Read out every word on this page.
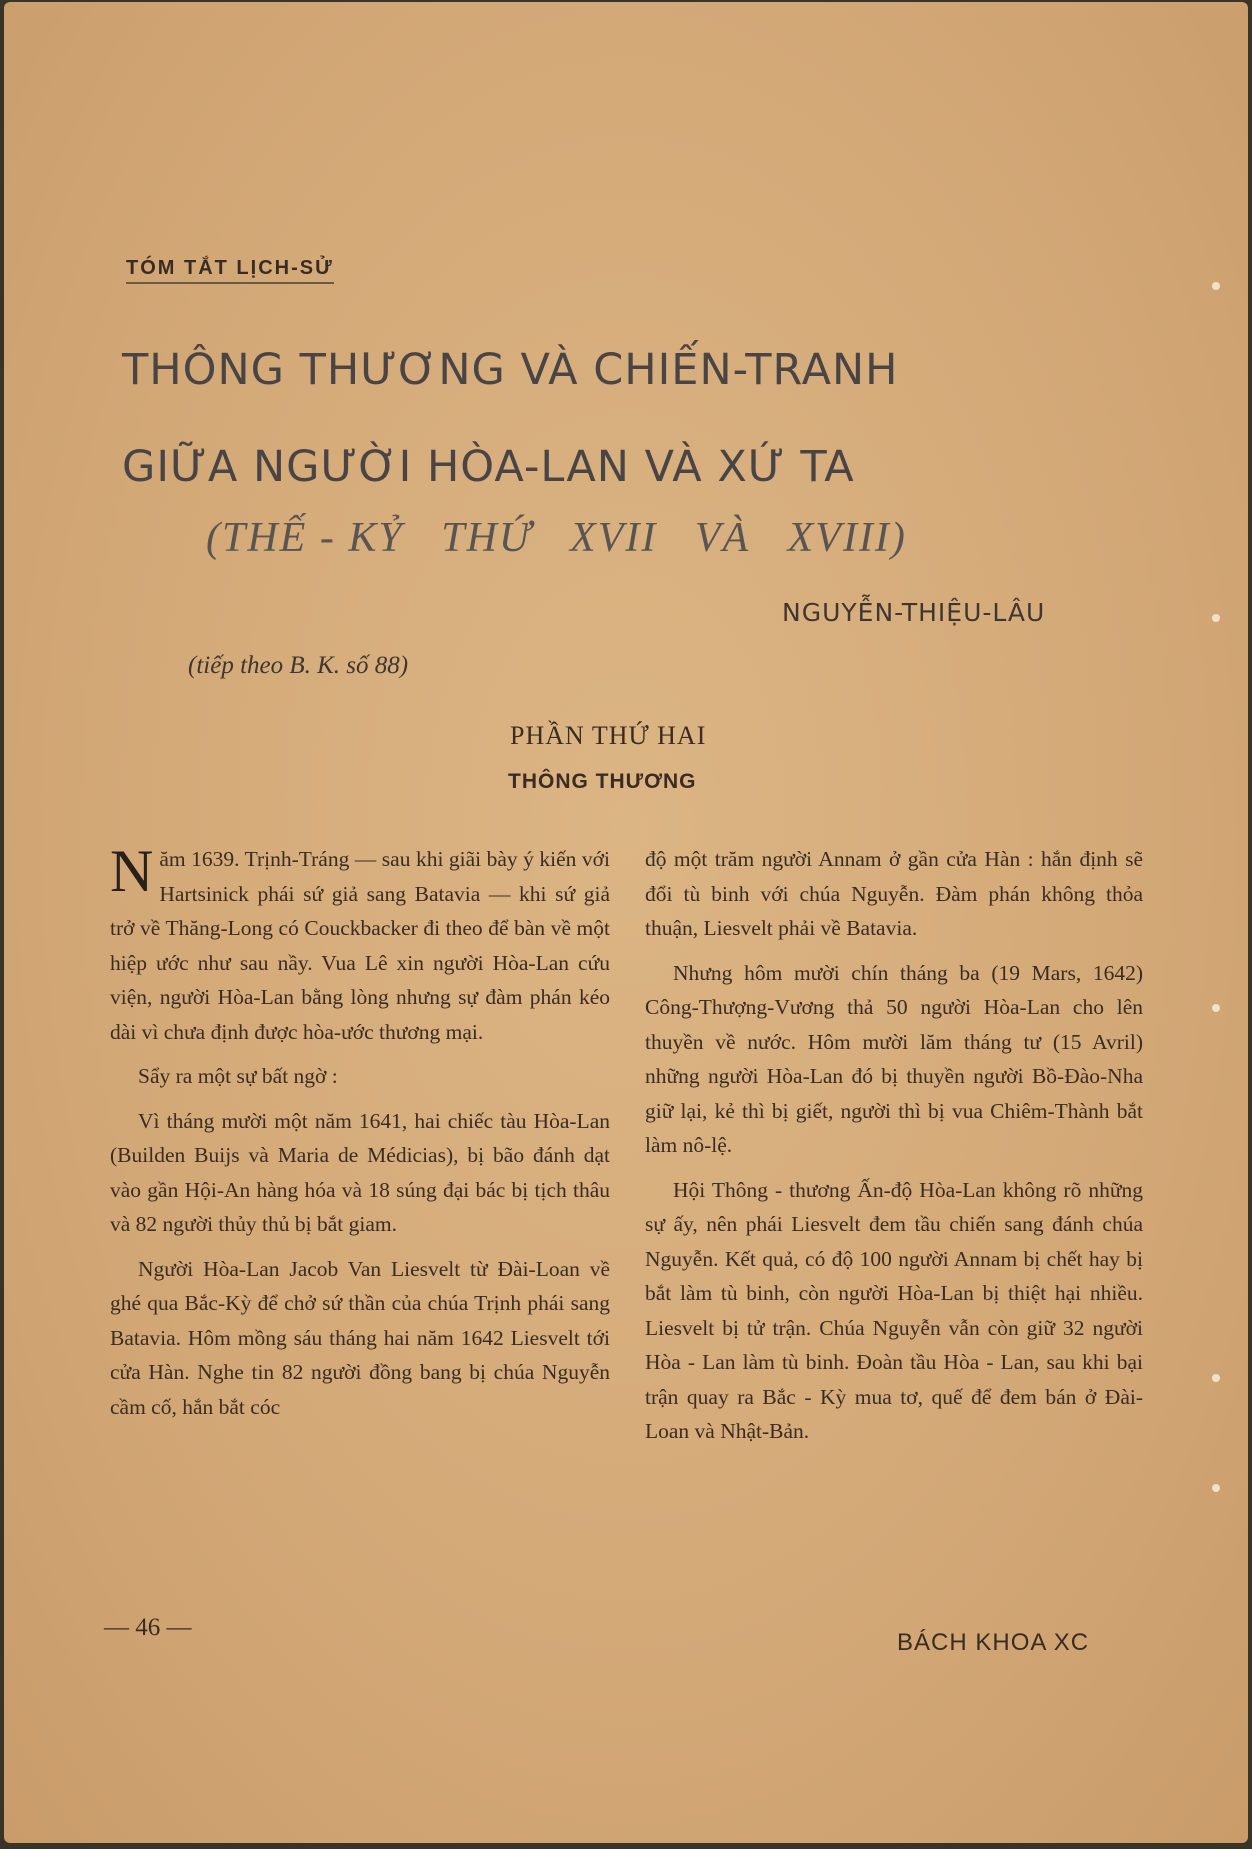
TÓM TẮT LỊCH-SỬ
THÔNG THƯƠNG VÀ CHIẾN-TRANH
GIỮA NGƯỜI HÒA-LAN VÀ XỨ TA
(THẾ - KỶ   THỨ   XVII   VÀ   XVIII)
NGUYỄN-THIỆU-LÂU
(tiếp theo B. K. số 88)
PHẦN THỨ HAI
THÔNG THƯƠNG

Năm 1639. Trịnh-Tráng — sau khi giãi bày ý kiến với Hartsinick phái sứ giả sang Batavia — khi sứ giả trở về Thăng-Long có Couckbacker đi theo để bàn về một hiệp ước như sau nầy. Vua Lê xin người Hòa-Lan cứu viện, người Hòa-Lan bằng lòng nhưng sự đàm phán kéo dài vì chưa định được hòa-ước thương mại.

Sẩy ra một sự bất ngờ :

Vì tháng mười một năm 1641, hai chiếc tàu Hòa-Lan (Builden Buijs và Maria de Médicias), bị bão đánh dạt vào gần Hội-An hàng hóa và 18 súng đại bác bị tịch thâu và 82 người thủy thủ bị bắt giam.

Người Hòa-Lan Jacob Van Liesvelt từ Đài-Loan về ghé qua Bắc-Kỳ để chở sứ thần của chúa Trịnh phái sang Batavia. Hôm mồng sáu tháng hai năm 1642 Liesvelt tới cửa Hàn. Nghe tin 82 người đồng bang bị chúa Nguyễn cầm cố, hắn bắt cóc

độ một trăm người Annam ở gần cửa Hàn : hắn định sẽ đổi tù binh với chúa Nguyễn. Đàm phán không thỏa thuận, Liesvelt phải về Batavia.

Nhưng hôm mười chín tháng ba (19 Mars, 1642) Công-Thượng-Vương thả 50 người Hòa-Lan cho lên thuyền về nước. Hôm mười lăm tháng tư (15 Avril) những người Hòa-Lan đó bị thuyền người Bồ-Đào-Nha giữ lại, kẻ thì bị giết, người thì bị vua Chiêm-Thành bắt làm nô-lệ.

Hội Thông - thương Ấn-độ Hòa-Lan không rõ những sự ấy, nên phái Liesvelt đem tầu chiến sang đánh chúa Nguyễn. Kết quả, có độ 100 người Annam bị chết hay bị bắt làm tù binh, còn người Hòa-Lan bị thiệt hại nhiều. Liesvelt bị tử trận. Chúa Nguyễn vẫn còn giữ 32 người Hòa - Lan làm tù binh. Đoàn tầu Hòa - Lan, sau khi bại trận quay ra Bắc - Kỳ mua tơ, quế để đem bán ở Đài-Loan và Nhật-Bản.

— 46 —
BÁCH KHOA XC
